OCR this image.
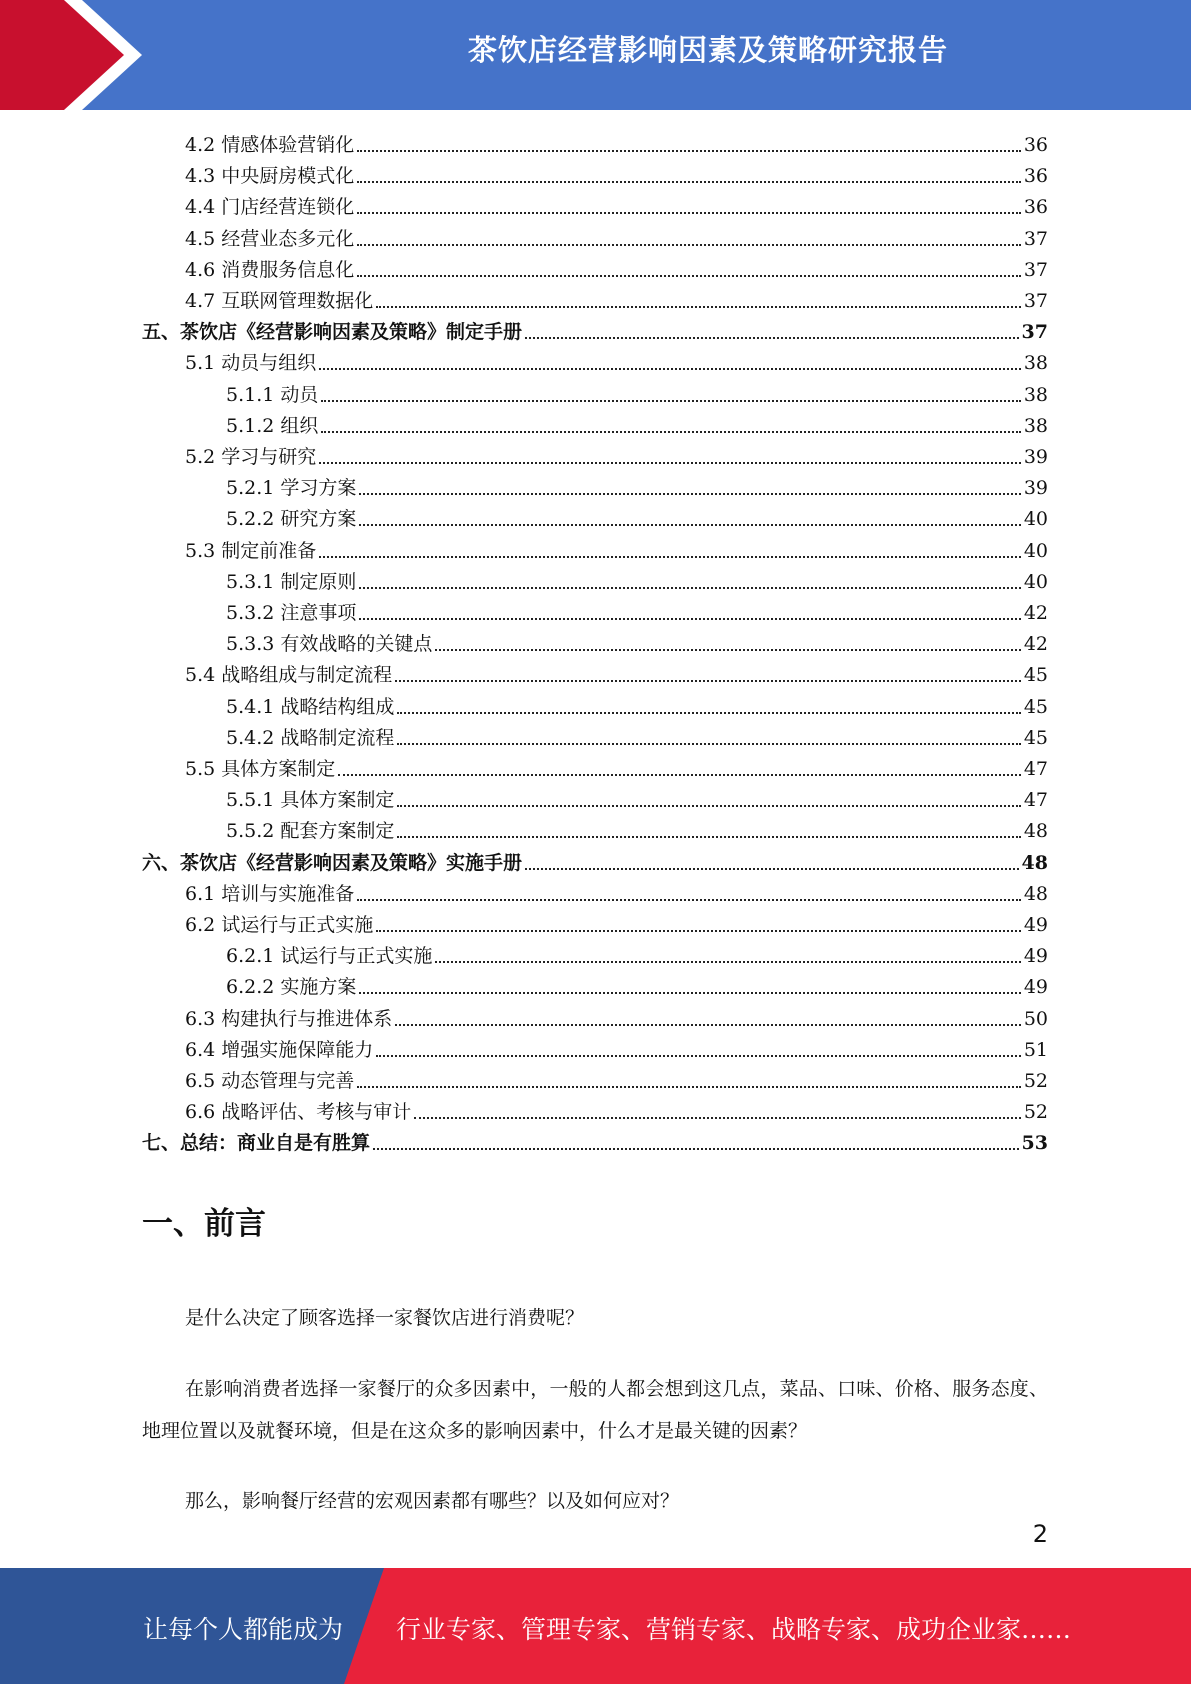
茶饮店经营影响因素及策略研究报告
4.2 情感体验营销化	36
4.3 中央厨房模式化	36
4.4 门店经营连锁化	36
4.5 经营业态多元化	37
4.6 消费服务信息化	37
4.7 互联网管理数据化	37
五、茶饮店《经营影响因素及策略》制定手册	37
5.1 动员与组织	38
5.1.1 动员	38
5.1.2 组织	38
5.2 学习与研究	39
5.2.1 学习方案	39
5.2.2 研究方案	40
5.3 制定前准备	40
5.3.1 制定原则	40
5.3.2 注意事项	42
5.3.3 有效战略的关键点	42
5.4 战略组成与制定流程	45
5.4.1 战略结构组成	45
5.4.2 战略制定流程	45
5.5 具体方案制定	47
5.5.1 具体方案制定	47
5.5.2 配套方案制定	48
六、茶饮店《经营影响因素及策略》实施手册	48
6.1 培训与实施准备	48
6.2 试运行与正式实施	49
6.2.1 试运行与正式实施	49
6.2.2 实施方案	49
6.3 构建执行与推进体系	50
6.4 增强实施保障能力	51
6.5 动态管理与完善	52
6.6 战略评估、考核与审计	52
七、总结：商业自是有胜算	53
一、前言
是什么决定了顾客选择一家餐饮店进行消费呢？
在影响消费者选择一家餐厅的众多因素中，一般的人都会想到这几点，菜品、口味、价格、服务态度、地理位置以及就餐环境，但是在这众多的影响因素中，什么才是最关键的因素？
那么，影响餐厅经营的宏观因素都有哪些？以及如何应对？
2
让每个人都能成为 行业专家、管理专家、营销专家、战略专家、成功企业家……
